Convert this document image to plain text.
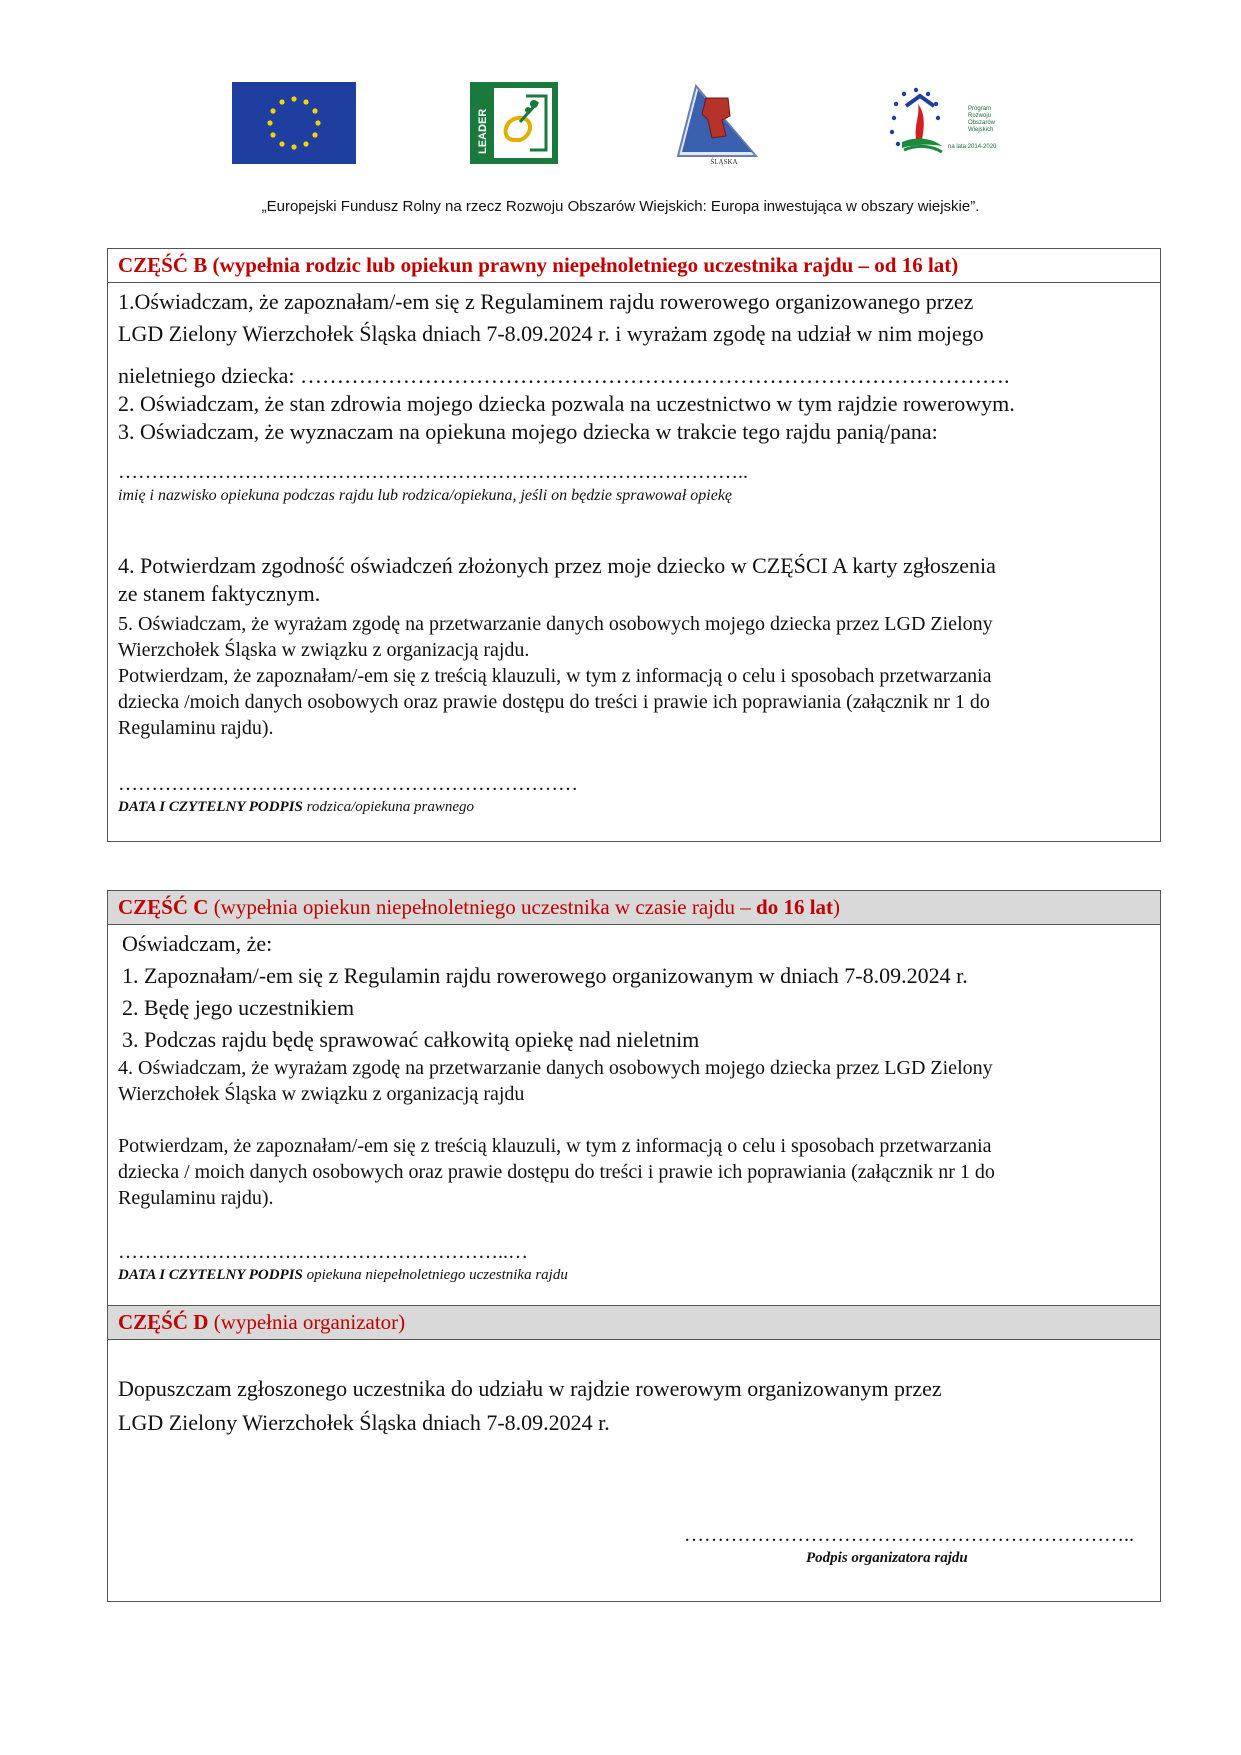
LEADER
ŚLĄSKA
Program
Rozwoju
Obszarów
Wiejskich
na lata 2014-2020
„Europejski Fundusz Rolny na rzecz Rozwoju Obszarów Wiejskich: Europa inwestująca w obszary wiejskie”.
CZĘŚĆ B (wypełnia rodzic lub opiekun prawny niepełnoletniego uczestnika rajdu – od 16 lat)
1.Oświadczam, że zapoznałam/-em się z Regulaminem rajdu rowerowego organizowanego przez
LGD Zielony Wierzchołek Śląska dniach 7-8.09.2024 r. i wyrażam zgodę na udział w nim mojego
nieletniego dziecka: …………………………………………………………………………………….
2. Oświadczam, że stan zdrowia mojego dziecka pozwala na uczestnictwo w tym rajdzie rowerowym.
3. Oświadczam, że wyznaczam na opiekuna mojego dziecka w trakcie tego rajdu panią/pana:
…………………………………………………………………………………..
imię i nazwisko opiekuna podczas rajdu lub rodzica/opiekuna, jeśli on będzie sprawował opiekę
4. Potwierdzam zgodność oświadczeń złożonych przez moje dziecko w CZĘŚCI A karty zgłoszenia
ze stanem faktycznym.
5. Oświadczam, że wyrażam zgodę na przetwarzanie danych osobowych mojego dziecka przez LGD Zielony
Wierzchołek Śląska w związku z organizacją rajdu.
Potwierdzam, że zapoznałam/-em się z treścią klauzuli, w tym z informacją o celu i sposobach przetwarzania
dziecka /moich danych osobowych oraz prawie dostępu do treści i prawie ich poprawiania (załącznik nr 1 do
Regulaminu rajdu).
……………………………………………………………
DATA I CZYTELNY PODPIS rodzica/opiekuna prawnego
CZĘŚĆ C (wypełnia opiekun niepełnoletniego uczestnika w czasie rajdu – do 16 lat)
Oświadczam, że:
1. Zapoznałam/-em się z Regulamin rajdu rowerowego organizowanym w dniach 7-8.09.2024 r.
2. Będę jego uczestnikiem
3. Podczas rajdu będę sprawować całkowitą opiekę nad nieletnim
4. Oświadczam, że wyrażam zgodę na przetwarzanie danych osobowych mojego dziecka przez LGD Zielony
Wierzchołek Śląska w związku z organizacją rajdu
Potwierdzam, że zapoznałam/-em się z treścią klauzuli, w tym z informacją o celu i sposobach przetwarzania
dziecka / moich danych osobowych oraz prawie dostępu do treści i prawie ich poprawiania (załącznik nr 1 do
Regulaminu rajdu).
…………………………………………………..…
DATA I CZYTELNY PODPIS opiekuna niepełnoletniego uczestnika rajdu
CZĘŚĆ D (wypełnia organizator)
Dopuszczam zgłoszonego uczestnika do udziału w rajdzie rowerowym organizowanym przez
LGD Zielony Wierzchołek Śląska dniach 7-8.09.2024 r.
…………………………………………………………..
Podpis organizatora rajdu
